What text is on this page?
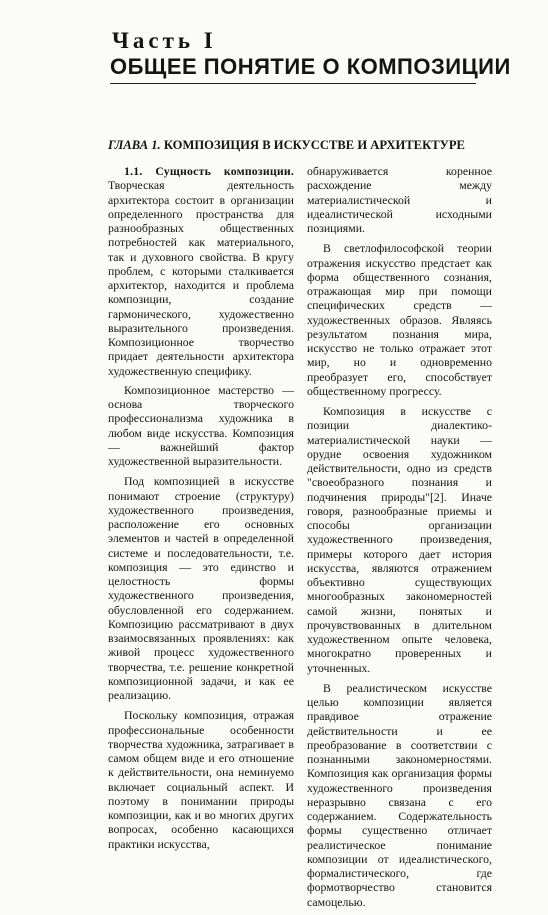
Часть I
ОБЩЕЕ ПОНЯТИЕ О КОМПОЗИЦИИ
ГЛАВА 1. КОМПОЗИЦИЯ В ИСКУССТВЕ И АРХИТЕКТУРЕ

1.1. Сущность композиции. Творческая деятельность архитектора состоит в организации определенного пространства для разнообразных общественных потребностей как материального, так и духовного свойства. В кругу проблем, с которыми сталкивается архитектор, находится и проблема композиции, создание гармонического, художественно выразительного произведения. Композиционное творчество придает деятельности архитектора художественную специфику.

Композиционное мастерство — основа творческого профессионализма художника в любом виде искусства. Композиция — важнейший фактор художественной выразительности.

Под композицией в искусстве понимают строение (структуру) художественного произведения, расположение его основных элементов и частей в определенной системе и последовательности, т.е. композиция — это единство и целостность формы художественного произведения, обусловленной его содержанием. Композицию рассматривают в двух взаимосвязанных проявлениях: как живой процесс художественного творчества, т.е. решение конкретной композиционной задачи, и как ее реализацию.

Поскольку композиция, отражая профессиональные особенности творчества художника, затрагивает в самом общем виде и его отношение к действительности, она неминуемо включает социальный аспект. И поэтому в понимании природы композиции, как и во многих других вопросах, особенно касающихся практики искусства,

обнаруживается коренное расхождение между материалистической и идеалистической исходными позициями.

В светлофилософской теории отражения искусство предстает как форма общественного сознания, отражающая мир при помощи специфических средств — художественных образов. Являясь результатом познания мира, искусство не только отражает этот мир, но и одновременно преобразует его, способствует общественному прогрессу.

Композиция в искусстве с позиции диалектико-материалистической науки — орудие освоения художником действительности, одно из средств "своеобразного познания и подчинения природы"[2]. Иначе говоря, разнообразные приемы и способы организации художественного произведения, примеры которого дает история искусства, являются отражением объективно существующих многообразных закономерностей самой жизни, понятых и прочувствованных в длительном художественном опыте человека, многократно проверенных и уточненных.

В реалистическом искусстве целью композиции является правдивое отражение действительности и ее преобразование в соответствии с познанными закономерностями. Композиция как организация формы художественного произведения неразрывно связана с его содержанием. Содержательность формы существенно отличает реалистическое понимание композиции от идеалистического, формалистического, где формотворчество становится самоцелью.
